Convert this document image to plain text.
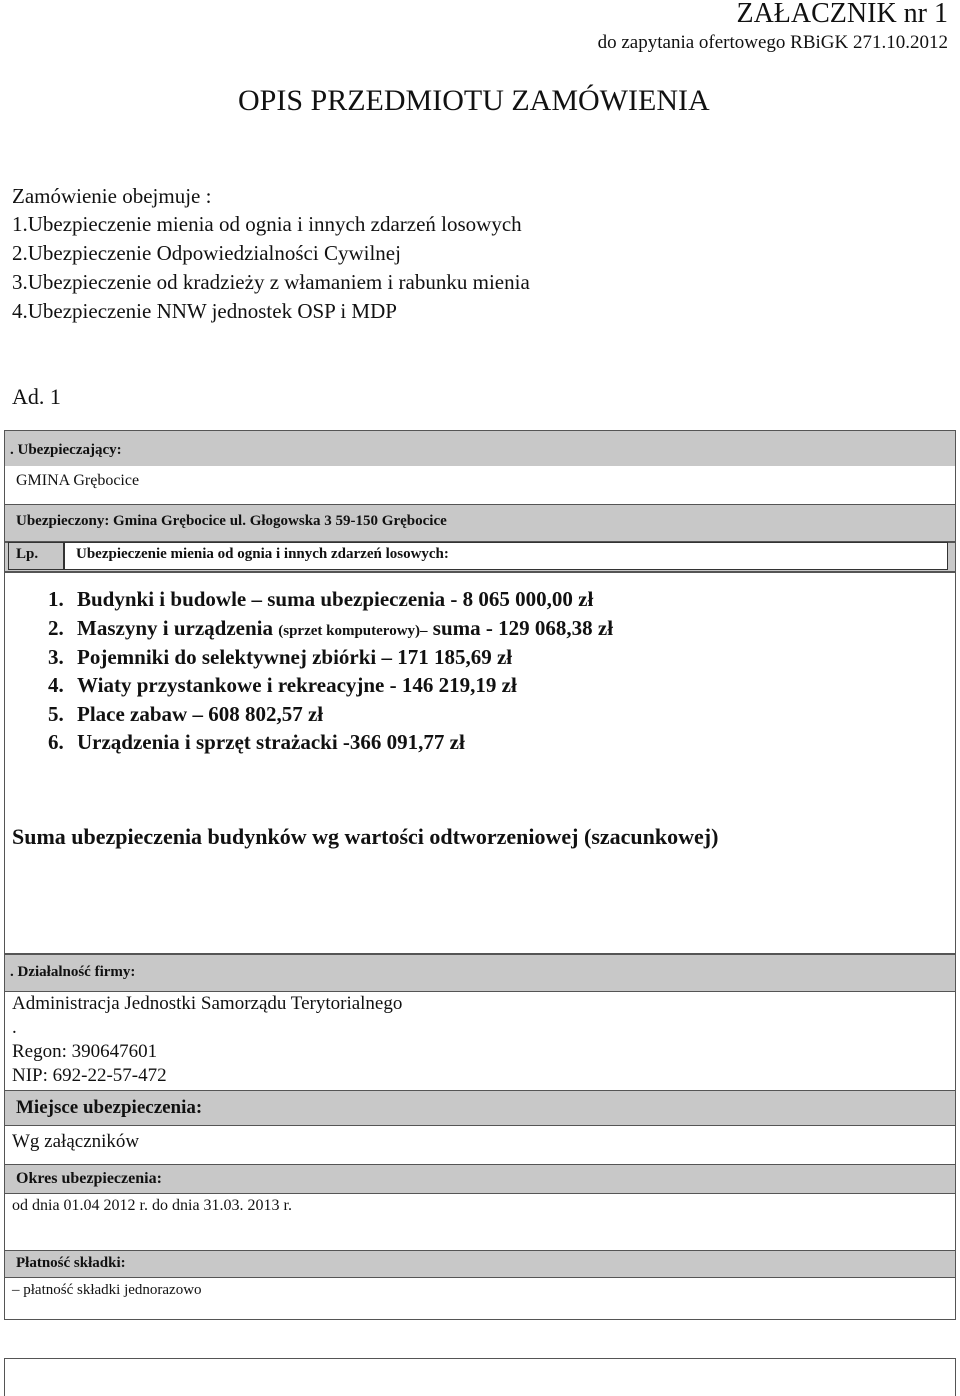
ZAŁACZNIK nr 1
do zapytania ofertowego RBiGK 271.10.2012
OPIS PRZEDMIOTU ZAMÓWIENIA
Zamówienie obejmuje :
1.Ubezpieczenie mienia od ognia i innych zdarzeń losowych
2.Ubezpieczenie Odpowiedzialności Cywilnej
3.Ubezpieczenie od kradzieży z włamaniem i rabunku mienia
4.Ubezpieczenie NNW jednostek OSP i MDP
Ad. 1
. Ubezpieczający:
GMINA Grębocice
Ubezpieczony: Gmina Grębocice ul. Głogowska 3 59-150 Grębocice
Lp.	Ubezpieczenie mienia od ognia i innych zdarzeń losowych:
1. Budynki i budowle – suma ubezpieczenia - 8 065 000,00 zł
2. Maszyny i urządzenia (sprzet komputerowy)– suma - 129 068,38 zł
3. Pojemniki do selektywnej zbiórki – 171 185,69 zł
4. Wiaty przystankowe i rekreacyjne - 146 219,19 zł
5. Place zabaw – 608 802,57 zł
6. Urządzenia i sprzęt strażacki -366 091,77 zł
Suma ubezpieczenia budynków wg wartości odtworzeniowej (szacunkowej)
. Działalność firmy:
Administracja Jednostki Samorządu Terytorialnego
.
Regon: 390647601
NIP: 692-22-57-472
Miejsce ubezpieczenia:
Wg załączników
Okres ubezpieczenia:
od dnia 01.04 2012 r. do dnia 31.03. 2013 r.
Płatność składki:
– płatność składki jednorazowo
